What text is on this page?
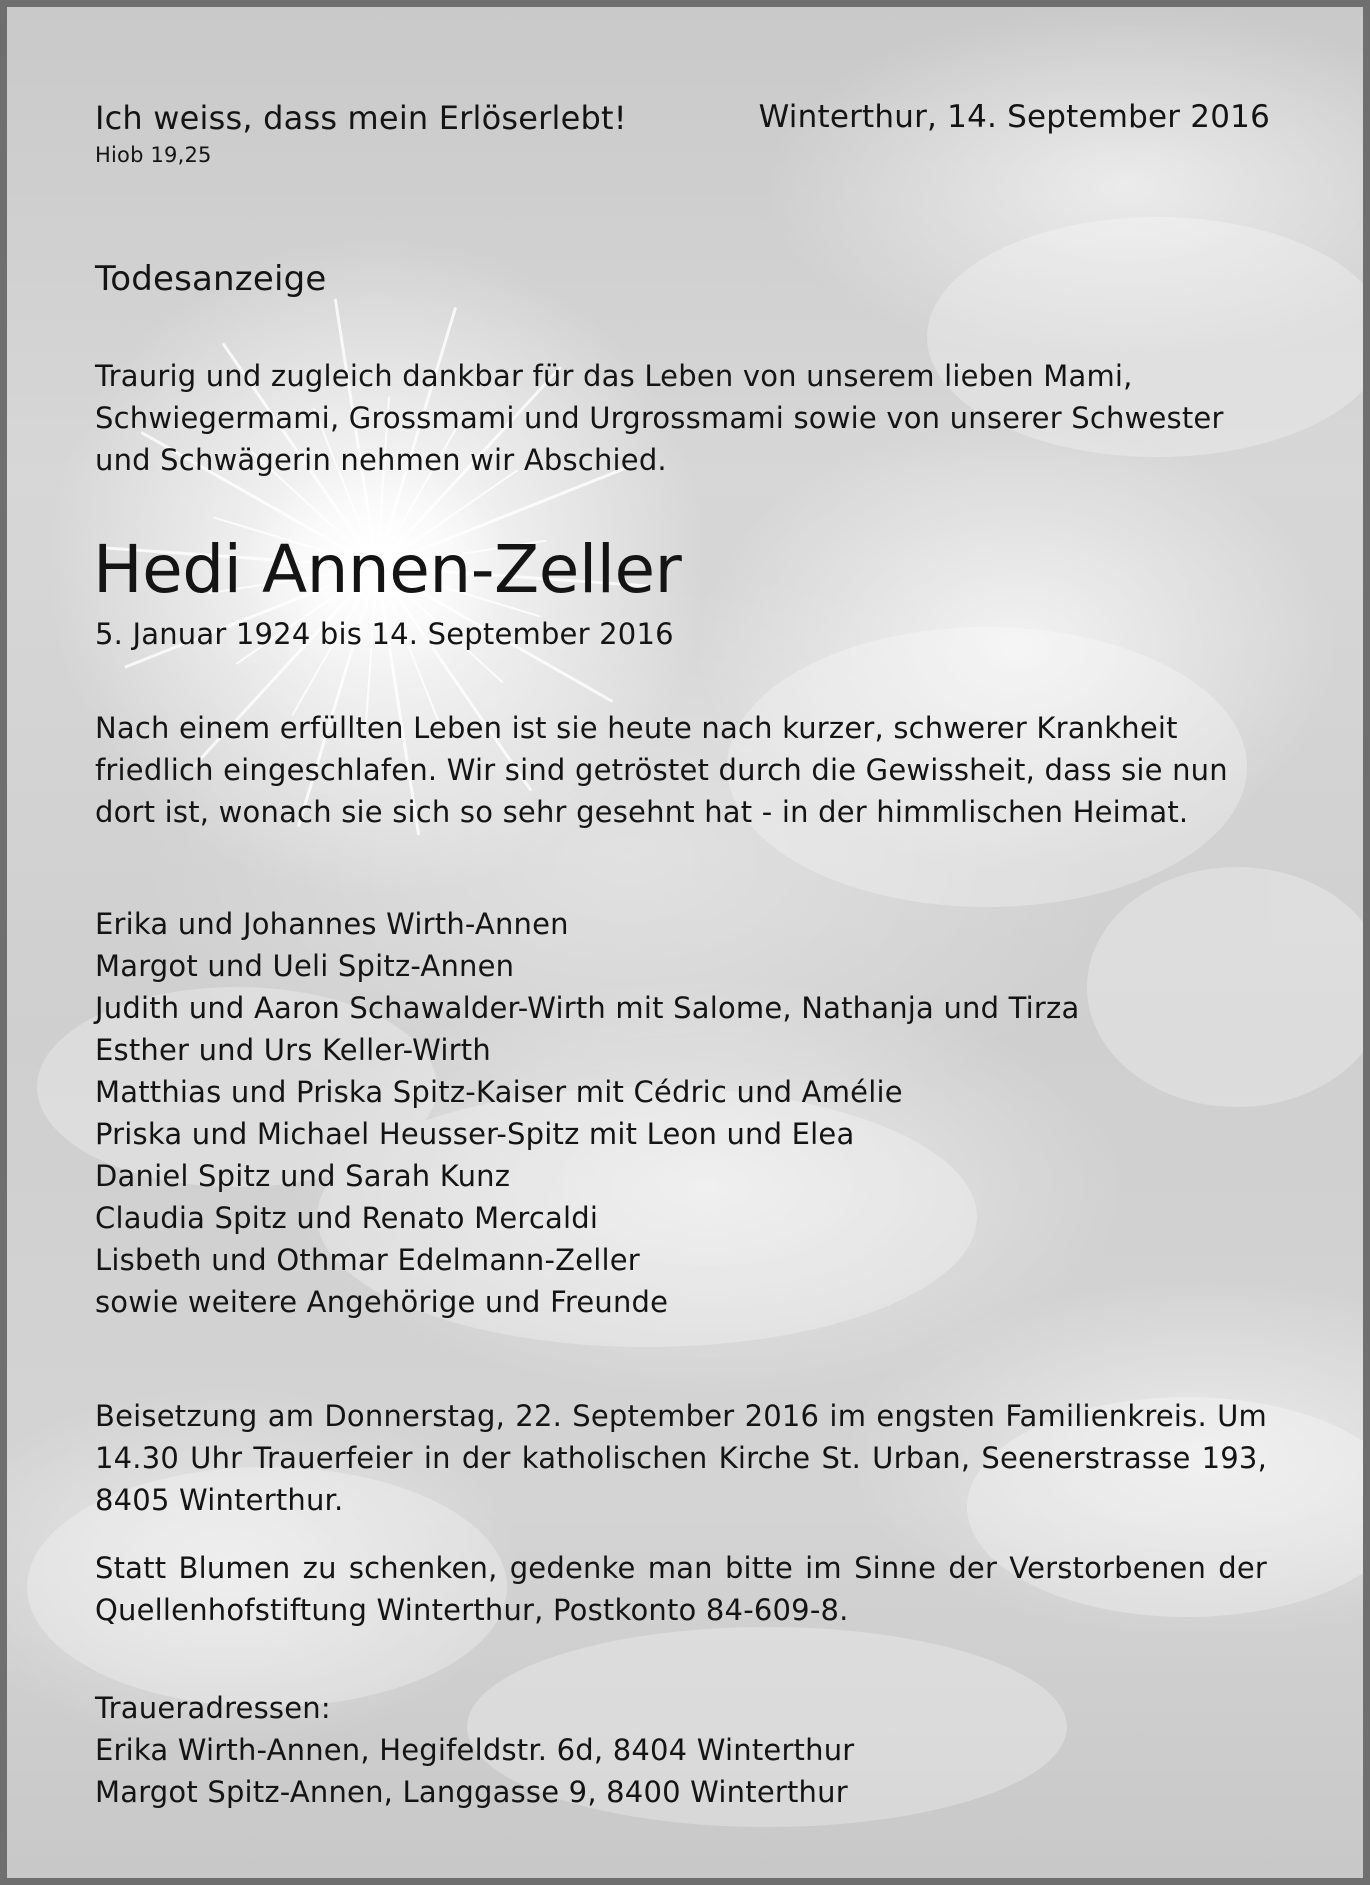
Ich weiss, dass mein Erlöserlebt!
Hiob 19,25
Winterthur, 14. September 2016
Todesanzeige
Traurig und zugleich dankbar für das Leben von unserem lieben Mami,
Schwiegermami, Grossmami und Urgrossmami sowie von unserer Schwester
und Schwägerin nehmen wir Abschied.
Hedi Annen-Zeller
5. Januar 1924 bis 14. September 2016
Nach einem erfüllten Leben ist sie heute nach kurzer, schwerer Krankheit
friedlich eingeschlafen. Wir sind getröstet durch die Gewissheit, dass sie nun
dort ist, wonach sie sich so sehr gesehnt hat - in der himmlischen Heimat.
Erika und Johannes Wirth-Annen
Margot und Ueli Spitz-Annen
Judith und Aaron Schawalder-Wirth mit Salome, Nathanja und Tirza
Esther und Urs Keller-Wirth
Matthias und Priska Spitz-Kaiser mit Cédric und Amélie
Priska und Michael Heusser-Spitz mit Leon und Elea
Daniel Spitz und Sarah Kunz
Claudia Spitz und Renato Mercaldi
Lisbeth und Othmar Edelmann-Zeller
sowie weitere Angehörige und Freunde
Beisetzung am Donnerstag, 22. September 2016 im engsten Familienkreis. Um 14.30 Uhr Trauerfeier in der katholischen Kirche St. Urban, Seenerstrasse 193, 8405 Winterthur.
Statt Blumen zu schenken, gedenke man bitte im Sinne der Verstorbenen der Quellenhofstiftung Winterthur, Postkonto 84-609-8.
Traueradressen:
Erika Wirth-Annen, Hegifeldstr. 6d, 8404 Winterthur
Margot Spitz-Annen, Langgasse 9, 8400 Winterthur
